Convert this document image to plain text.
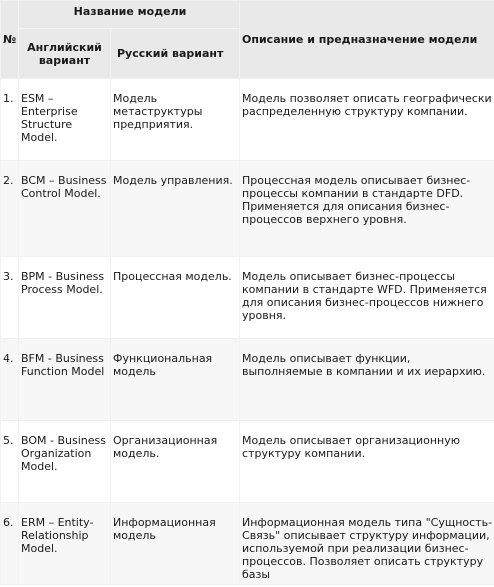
№	Название модели		Описание и предназначение модели
	Английский вариант	Русский вариант	
1.	ESM – Enterprise Structure Model.	Модель метаструктуры предприятия.	Модель позволяет описать географически распределенную структуру компании.
2.	BCM – Business Control Model.	Модель управления.	Процессная модель описывает бизнес-процессы компании в стандарте DFD. Применяется для описания бизнес-процессов верхнего уровня.
3.	BPM - Business Process Model.	Процессная модель.	Модель описывает бизнес-процессы компании в стандарте WFD. Применяется для описания бизнес-процессов нижнего уровня.
4.	BFM - Business Function Model	Функциональная модель	Модель описывает функции, выполняемые в компании и их иерархию.
5.	BOM - Business Organization Model.	Организационная модель.	Модель описывает организационную структуру компании.
6.	ERM – Entity-Relationship Model.	Информационная модель	Информационная модель типа "Сущность-Связь" описывает структуру информации, используемой при реализации бизнес-процессов. Позволяет описать структуру базы
